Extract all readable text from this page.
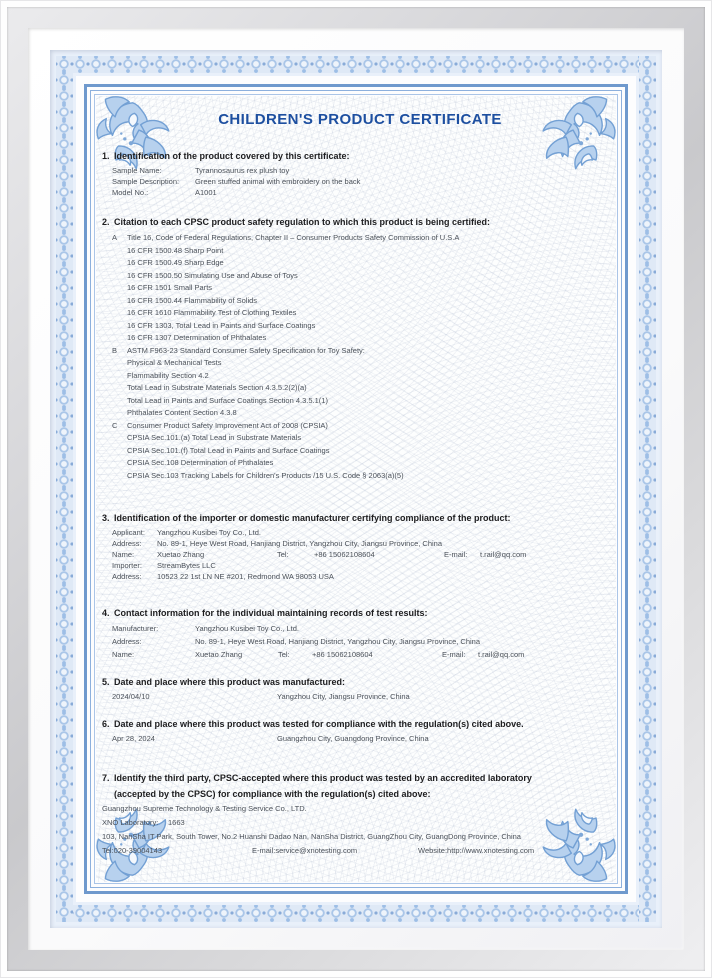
CHILDREN'S PRODUCT CERTIFICATE
1. Identification of the product covered by this certificate:
Sample Name:	Tyrannosaurus rex plush toy
Sample Description:	Green stuffed animal with embroidery on the back
Model No.:	A1001
2. Citation to each CPSC product safety regulation to which this product is being certified:
A	Title 16, Code of Federal Regulations, Chapter II – Consumer Products Safety Commission of U.S.A
16 CFR 1500.48 Sharp Point
16 CFR 1500.49 Sharp Edge
16 CFR 1500.50 Simulating Use and Abuse of Toys
16 CFR 1501 Small Parts
16 CFR 1500.44 Flammability of Solids
16 CFR 1610 Flammability Test of Clothing Textiles
16 CFR 1303, Total Lead in Paints and Surface Coatings
16 CFR 1307 Determination of Phthalates
B	ASTM F963-23 Standard Consumer Safety Specification for Toy Safety:
Physical & Mechanical Tests
Flammability Section 4.2
Total Lead in Substrate Materials Section 4.3.5.2(2)(a)
Total Lead in Paints and Surface Coatings Section 4.3.5.1(1)
Phthalates Content Section 4.3.8
C	Consumer Product Safety Improvement Act of 2008 (CPSIA)
CPSIA Sec.101.(a) Total Lead in Substrate Materials
CPSIA Sec.101.(f) Total Lead in Paints and Surface Coatings
CPSIA Sec.108 Determination of Phthalates
CPSIA Sec.103 Tracking Labels for Children's Products /15 U.S. Code § 2063(a)(5)
3. Identification of the importer or domestic manufacturer certifying compliance of the product:
Applicant:	Yangzhou Kusibei Toy Co., Ltd.
Address:	No. 89-1, Heye West Road, Hanjiang District, Yangzhou City, Jiangsu Province, China
Name:	Xuetao Zhang	Tel:	+86 15062108604	E-mail:	t.rail@qq.com
Importer:	StreamBytes LLC
Address:	10523 22 1st LN NE #201, Redmond WA 98053 USA
4. Contact information for the individual maintaining records of test results:
Manufacturer:	Yangzhou Kusibei Toy Co., Ltd.
Address:	No. 89-1, Heye West Road, Hanjiang District, Yangzhou City, Jiangsu Province, China
Name:	Xuetao Zhang	Tel:	+86 15062108604	E-mail:	t.rail@qq.com
5. Date and place where this product was manufactured:
2024/04/10	Yangzhou City, Jiangsu Province, China
6. Date and place where this product was tested for compliance with the regulation(s) cited above.
Apr 28, 2024	Guangzhou City, Guangdong Province, China
7. Identify the third party, CPSC-accepted where this product was tested by an accredited laboratory
(accepted by the CPSC) for compliance with the regulation(s) cited above:
Guangzhou Supreme Technology & Testing Service Co., LTD.
XNO Laboratory:	1663
103, NanSha IT Park, South Tower, No.2 Huanshi Dadao Nan, NanSha District, GuangZhou City, GuangDong Province, China
Tel: 020-39004143	E-mail: service@xnotesting.com	Website: http://www.xnotesting.com
